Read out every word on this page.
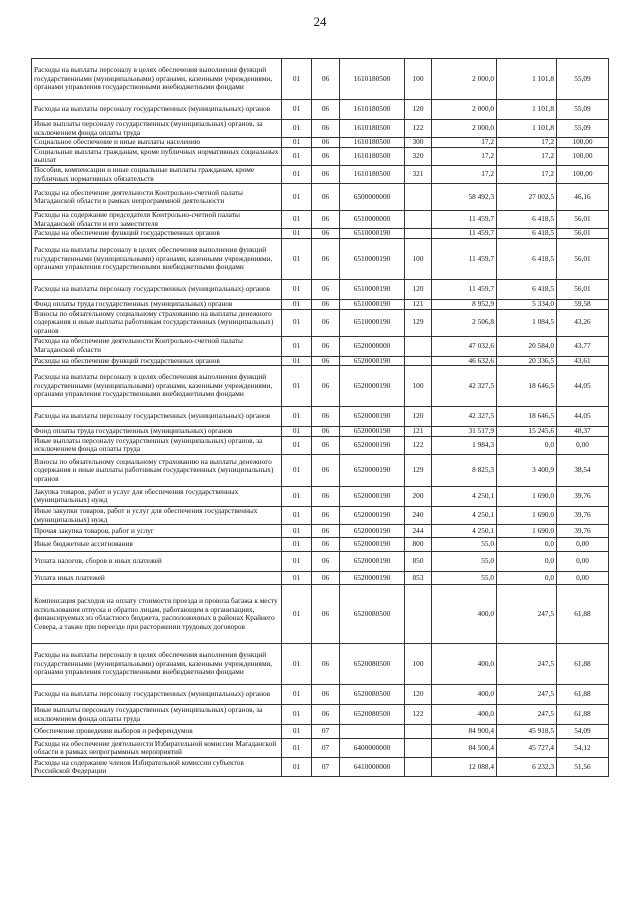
24
Расходы на выплаты персоналу в целях обеспечения выполнения функций государственными (муниципальными) органами, казенными учреждениями, органами управления государственными внебюджетными фондами	01	06	1610180500	100	2 000,0	1 101,8	55,09
Расходы на выплаты персоналу государственных (муниципальных) органов	01	06	1610180500	120	2 000,0	1 101,8	55,09
Иные выплаты персоналу государственных (муниципальных) органов, за исключением фонда оплаты труда	01	06	1610180500	122	2 000,0	1 101,8	55,09
Социальное обеспечение и иные выплаты населению	01	06	1610180500	300	17,2	17,2	100,00
Социальные выплаты гражданам, кроме публичных нормативных социальных выплат	01	06	1610180500	320	17,2	17,2	100,00
Пособия, компенсации и иные социальные выплаты гражданам, кроме публичных нормативных обязательств	01	06	1610180500	321	17,2	17,2	100,00
Расходы на обеспечение деятельности Контрольно-счетной палаты Магаданской области в рамках непрограммной деятельности	01	06	6500000000		58 492,3	27 002,5	46,16
Расходы на содержание председателя Контрольно-счетной палаты Магаданской области и его заместителя	01	06	6510000000		11 459,7	6 418,5	56,01
Расходы на обеспечение функций государственных органов	01	06	6510000190		11 459,7	6 418,5	56,01
Расходы на выплаты персоналу в целях обеспечения выполнения функций государственными (муниципальными) органами, казенными учреждениями, органами управления государственными внебюджетными фондами	01	06	6510000190	100	11 459,7	6 418,5	56,01
Расходы на выплаты персоналу государственных (муниципальных) органов	01	06	6510000190	120	11 459,7	6 418,5	56,01
Фонд оплаты труда государственных (муниципальных) органов	01	06	6510000190	121	8 952,9	5 334,0	59,58
Взносы по обязательному социальному страхованию на выплаты денежного содержания и иные выплаты работникам государственных (муниципальных) органов	01	06	6510000190	129	2 506,8	1 084,5	43,26
Расходы на обеспечение деятельности Контрольно-счетной палаты Магаданской области	01	06	6520000000		47 032,6	20 584,0	43,77
Расходы на обеспечение функций государственных органов	01	06	6520000190		46 632,6	20 336,5	43,61
Расходы на выплаты персоналу в целях обеспечения выполнения функций государственными (муниципальными) органами, казенными учреждениями, органами управления государственными внебюджетными фондами	01	06	6520000190	100	42 327,5	18 646,5	44,05
Расходы на выплаты персоналу государственных (муниципальных) органов	01	06	6520000190	120	42 327,5	18 646,5	44,05
Фонд оплаты труда государственных (муниципальных) органов	01	06	6520000190	121	31 517,9	15 245,6	48,37
Иные выплаты персоналу государственных (муниципальных) органов, за исключением фонда оплаты труда	01	06	6520000190	122	1 984,3	0,0	0,00
Взносы по обязательному социальному страхованию на выплаты денежного содержания и иные выплаты работникам государственных (муниципальных) органов	01	06	6520000190	129	8 825,3	3 400,9	38,54
Закупка товаров, работ и услуг для обеспечения государственных (муниципальных) нужд	01	06	6520000190	200	4 250,1	1 690,0	39,76
Иные закупки товаров, работ и услуг для обеспечения государственных (муниципальных) нужд	01	06	6520000190	240	4 250,1	1 690,0	39,76
Прочая закупка товаров, работ и услуг	01	06	6520000190	244	4 250,1	1 690,0	39,76
Иные бюджетные ассигнования	01	06	6520000190	800	55,0	0,0	0,00
Уплата налогов, сборов и иных платежей	01	06	6520000190	850	55,0	0,0	0,00
Уплата иных платежей	01	06	6520000190	853	55,0	0,0	0,00
Компенсация расходов на оплату стоимости проезда и провоза багажа к месту использования отпуска и обратно лицам, работающим в организациях, финансируемых из областного бюджета, расположенных в районах Крайнего Севера, а также при переезде при расторжении трудовых договоров	01	06	6520080500		400,0	247,5	61,88
Расходы на выплаты персоналу в целях обеспечения выполнения функций государственными (муниципальными) органами, казенными учреждениями, органами управления государственными внебюджетными фондами	01	06	6520080500	100	400,0	247,5	61,88
Расходы на выплаты персоналу государственных (муниципальных) органов	01	06	6520080500	120	400,0	247,5	61,88
Иные выплаты персоналу государственных (муниципальных) органов, за исключением фонда оплаты труда	01	06	6520080500	122	400,0	247,5	61,88
Обеспечение проведения выборов и референдумов	01	07			84 900,4	45 918,5	54,09
Расходы на обеспечение деятельности Избирательной комиссии Магаданской области в рамках непрограммных мероприятий	01	07	6400000000		84 500,4	45 727,4	54,12
Расходы на содержание членов Избирательной комиссии субъектов Российской Федерации	01	07	6410000000		12 088,4	6 232,3	51,56
